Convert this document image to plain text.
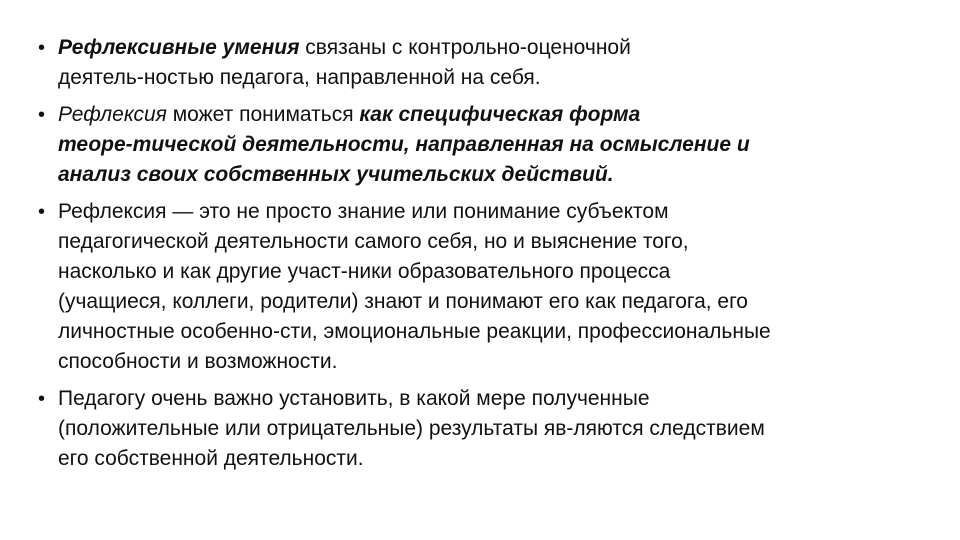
• Рефлексивные умения связаны с контрольно-оценочной
деятель-ностью педагога, направленной на себя.
• Рефлексия может пониматься как специфическая форма
теоре-тической деятельности, направленная на осмысление и
анализ своих собственных учительских действий.
• Рефлексия — это не просто знание или понимание субъектом
педагогической деятельности самого себя, но и выяснение того,
насколько и как другие участ-ники образовательного процесса
(учащиеся, коллеги, родители) знают и понимают его как педагога, его
личностные особенно-сти, эмоциональные реакции, профессиональные
способности и возможности.
• Педагогу очень важно установить, в какой мере полученные
(положительные или отрицательные) результаты яв-ляются следствием
его собственной деятельности.
